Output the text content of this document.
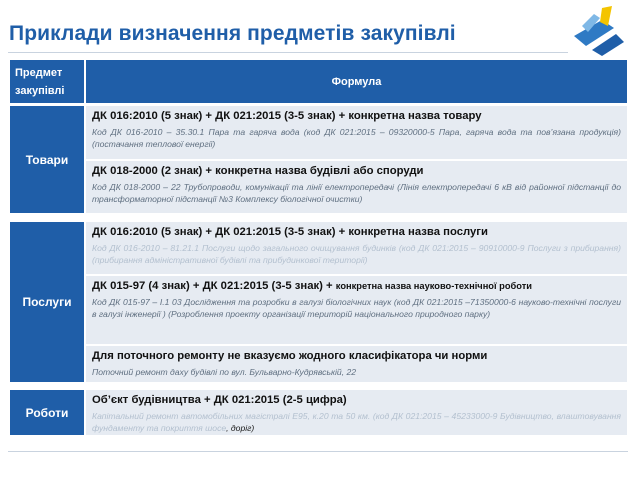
Приклади визначення предметів закупівлі
Предмет закупівлі
Формула
Товари
ДК 016:2010 (5 знак) + ДК 021:2015 (3-5 знак) + конкретна назва товару
Код ДК 016-2010 – 35.30.1 Пара та гаряча вода (код ДК 021:2015 – 09320000-5 Пара, гаряча вода та пов’язана продукція) (постачання теплової енергії)
ДК 018-2000 (2 знак) + конкретна назва будівлі або споруди
Код ДК 018-2000 – 22 Трубопроводи, комунікації та лінії електропередачі (Лінія електропередачі 6 кВ від районної підстанції до трансформаторної підстанції №3 Комплексу біологічної очистки)
Послуги
ДК 016:2010 (5 знак) + ДК 021:2015 (3-5 знак) + конкретна назва послуги
Код ДК 016-2010 – 81.21.1 Послуги щодо загального очищування будинків (код ДК 021:2015 – 90910000-9 Послуги з прибирання) (прибирання адміністративної будівлі та прибудинкової території)
ДК 015-97 (4 знак) + ДК 021:2015 (3-5 знак) + конкретна назва науково-технічної роботи
Код ДК 015-97 – І.1 03 Дослідження та розробки в галузі біологічних наук (код ДК 021:2015 –71350000-6 науково-технічні послуги в галузі інженерії ) (Розроблення проекту організації територій національного природного парку)
Для поточного ремонту не вказуємо жодного класифікатора чи норми
Поточний ремонт даху будівлі по вул. Бульварно-Кудрявській, 22
Роботи
Об’єкт будівництва + ДК 021:2015 (2-5 цифра)
Капітальний ремонт автомобільних магістралі Е95, к.20 та 50 км. (код ДК 021:2015 – 45233000-9 Будівництво, влаштовування фундаменту та покриття шосе, доріг)
